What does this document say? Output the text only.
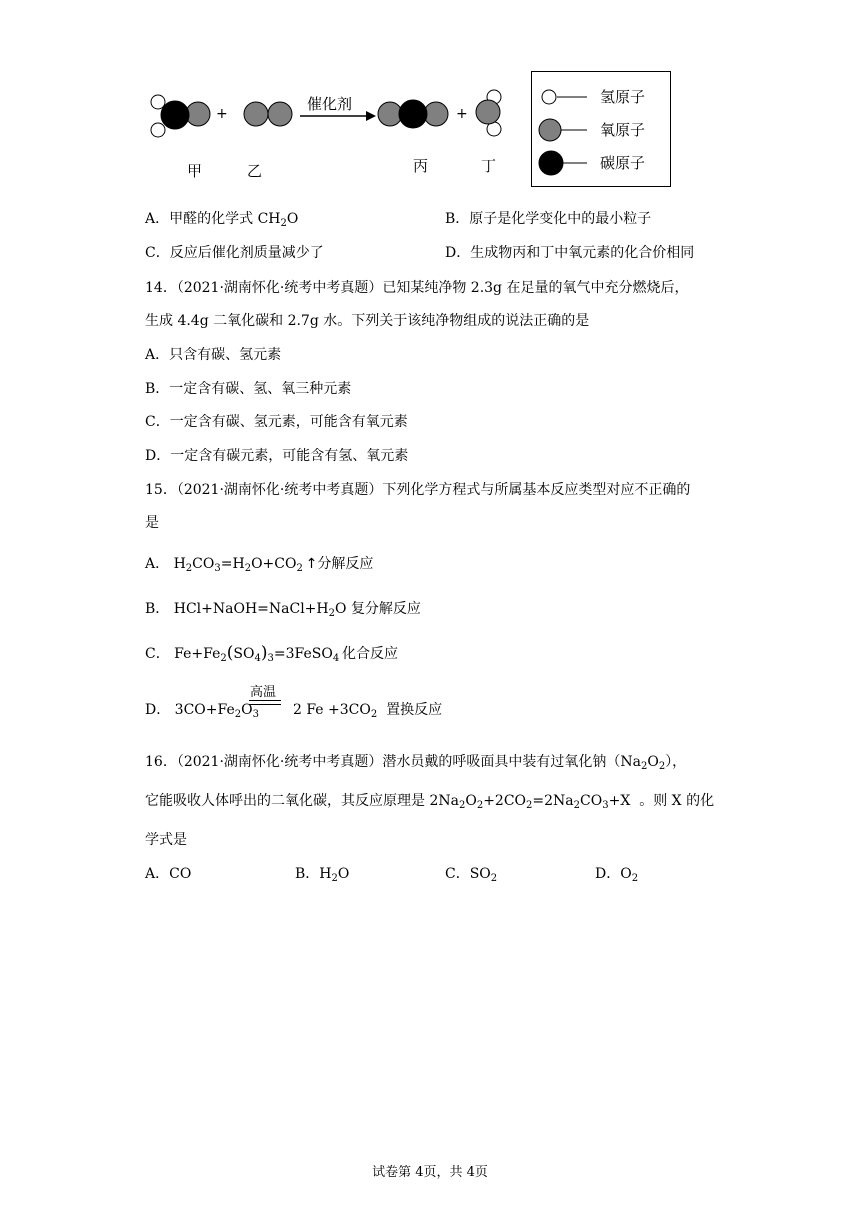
+	+
催化剂
甲	乙	丙	丁
氢原子
氧原子
碳原子
A．甲醛的化学式 $CH_2O$	B．原子是化学变化中的最小粒子
C．反应后催化剂质量减少了	D．生成物丙和丁中氧元素的化合价相同
14．（2021·湖南怀化·统考中考真题）已知某纯净物 2.3g 在足量的氧气中充分燃烧后，
生成 4.4g 二氧化碳和 2.7g 水。下列关于该纯净物组成的说法正确的是
A．只含有碳、氢元素
B．一定含有碳、氢、氧三种元素
C．一定含有碳、氢元素，可能含有氧元素
D．一定含有碳元素，可能含有氢、氧元素
15．（2021·湖南怀化·统考中考真题）下列化学方程式与所属基本反应类型对应不正确的
是
A． $H_2CO_3=H_2O+CO_2$  ↑分解反应
B． $HCl+NaOH=NaCl+H_2O$ 复分解反应
C． $Fe+Fe_2(SO_4)_3=3FeSO_4$  化合反应
D． $3CO+Fe_2O_3$ 2 $Fe +3CO_2$ 置换反应
高温
16．（2021·湖南怀化·统考中考真题）潜水员戴的呼吸面具中装有过氧化钠$(Na_2O_2)$，
它能吸收人体呼出的二氧化碳，其反应原理是 $2Na_2O_2+2CO_2=2Na_2CO_3+X$  。则 X 的化
学式是
A．CO	B．$H_2O$	C．$SO_2$	D．$O_2$
试卷第 4页，共 4页
